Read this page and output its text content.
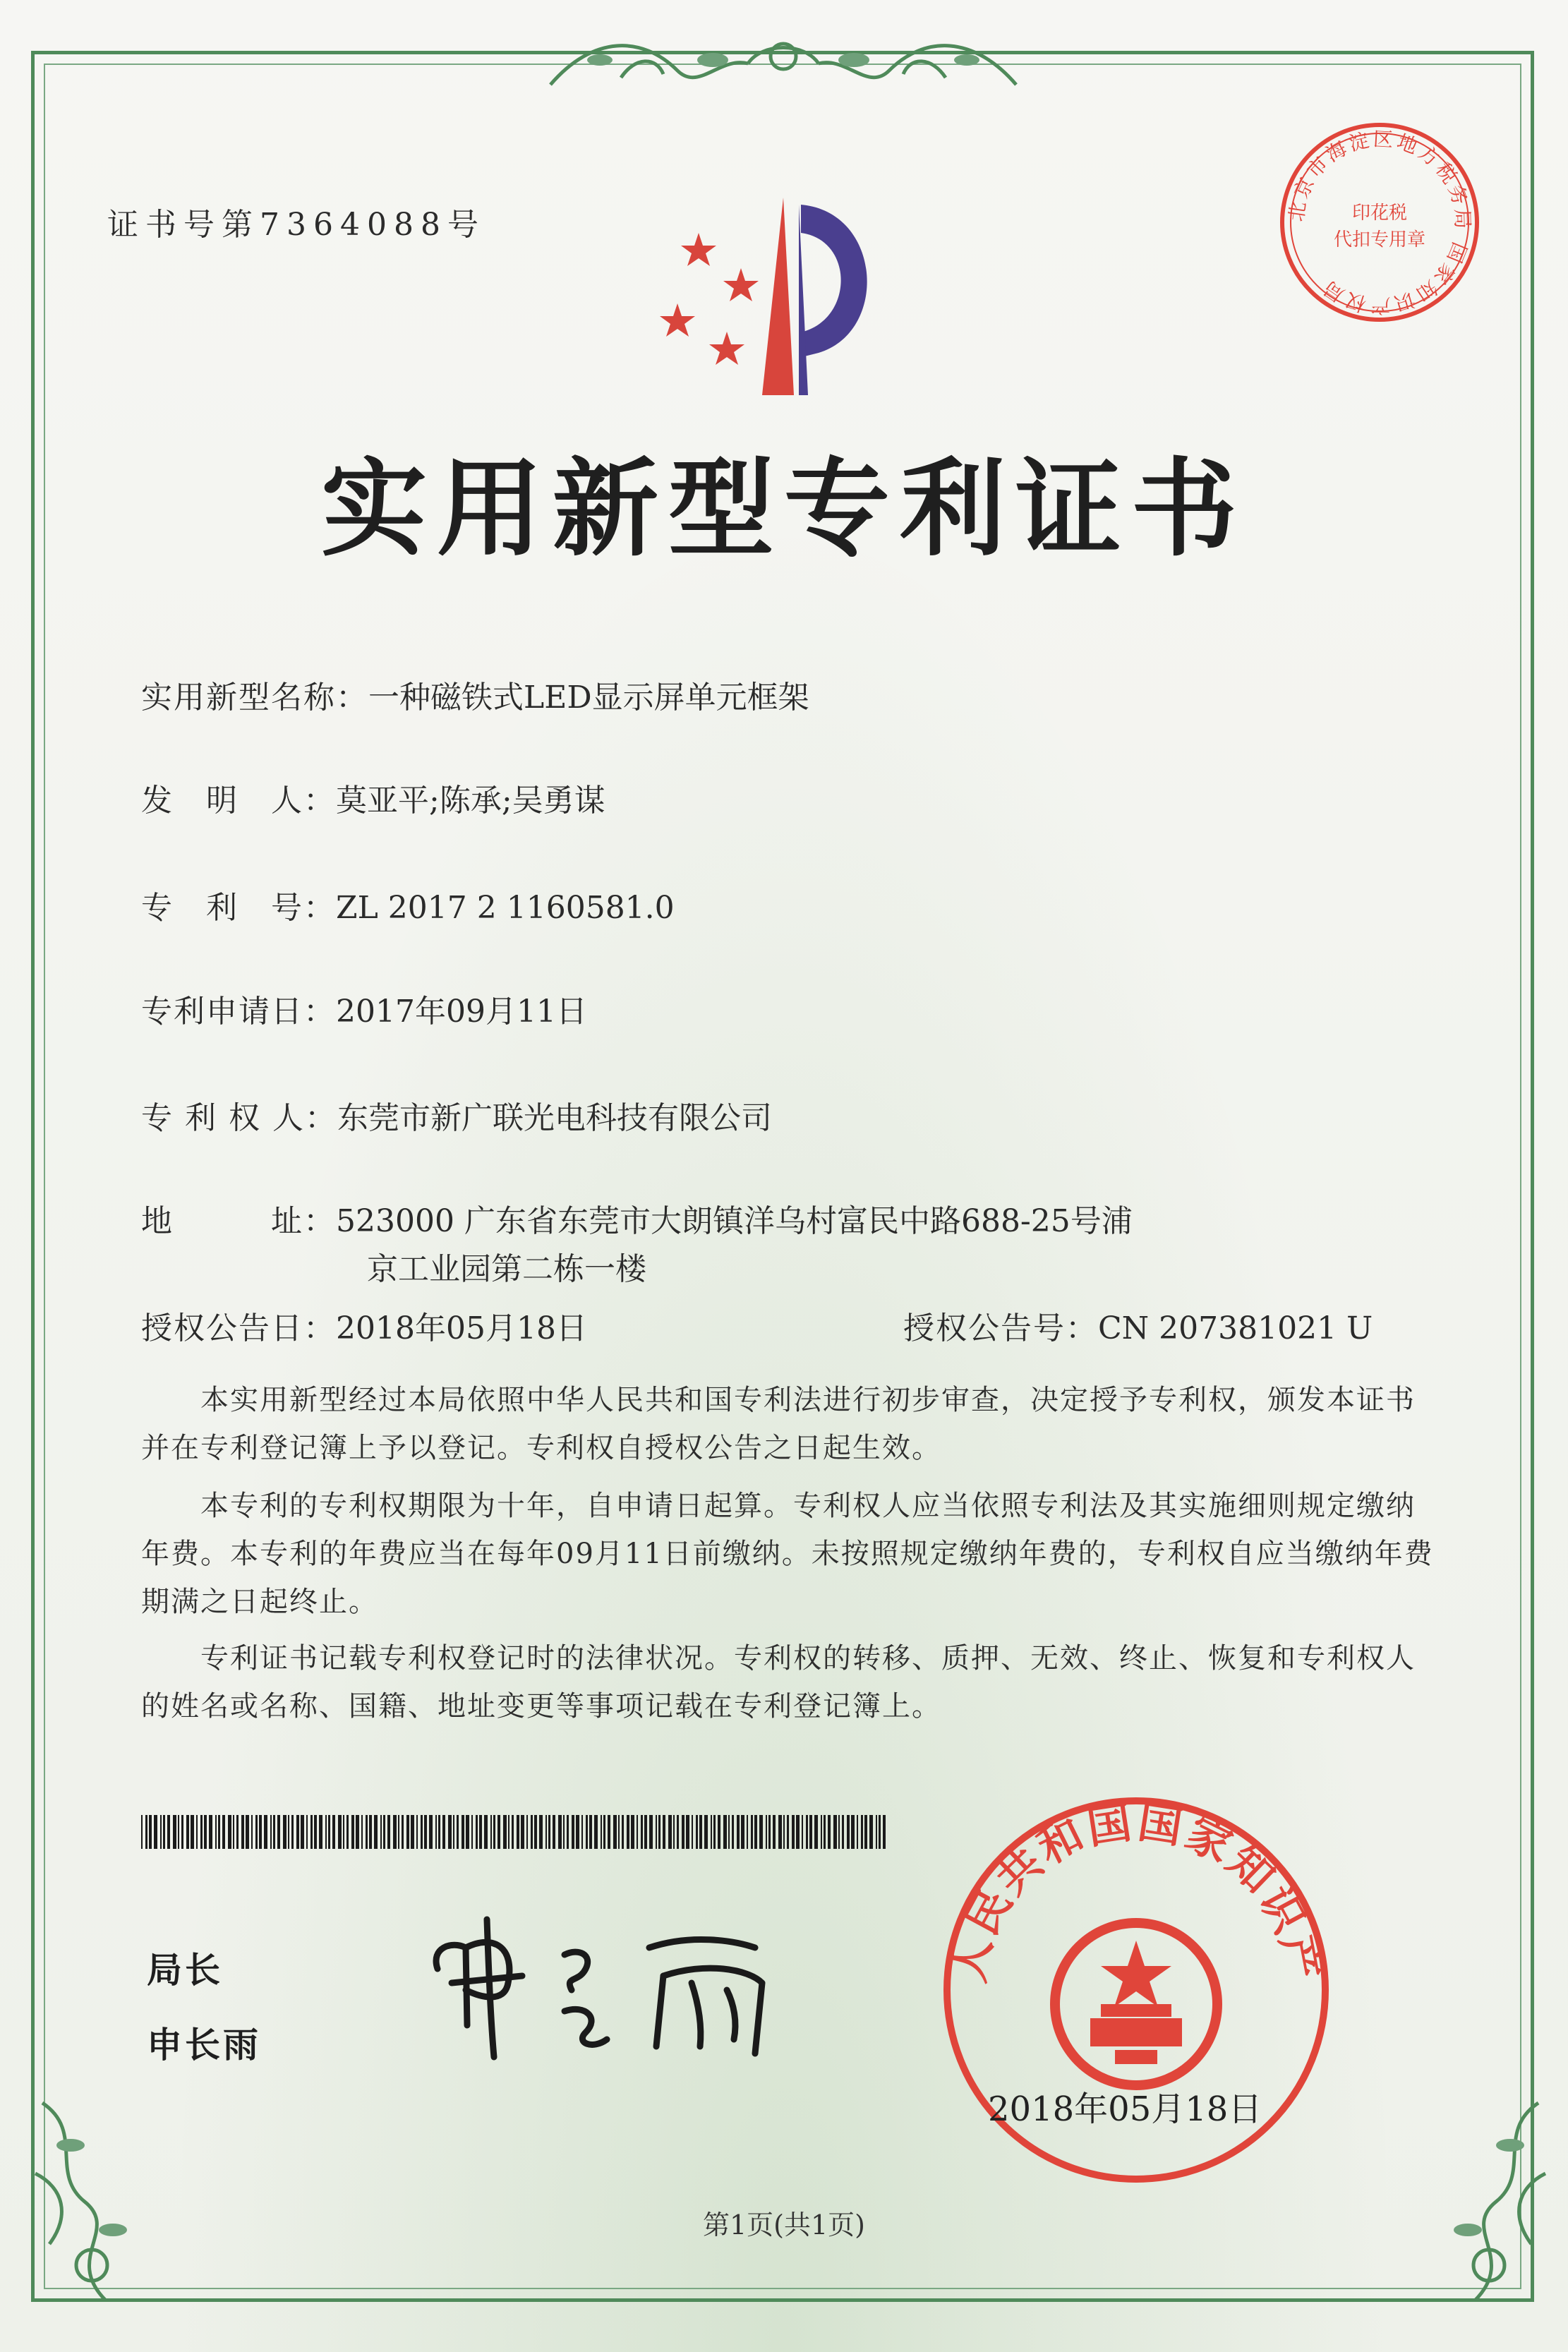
证书号第7364088号	北京市海淀区地方税务局 国家知识产权局
印花税
代扣专用章
实用新型专利证书
实用新型名称：一种磁铁式LED显示屏单元框架
发　明　人：莫亚平;陈承;吴勇谋
专　利　号：ZL 2017 2 1160581.0
专利申请日：2017年09月11日
专 利 权 人：东莞市新广联光电科技有限公司
地　　　址：523000 广东省东莞市大朗镇洋乌村富民中路688-25号浦
京工业园第二栋一楼
授权公告日：2018年05月18日	授权公告号：CN 207381021 U
　　本实用新型经过本局依照中华人民共和国专利法进行初步审查，决定授予专利权，颁发本证书并在专利登记簿上予以登记。专利权自授权公告之日起生效。
　　本专利的专利权期限为十年，自申请日起算。专利权人应当依照专利法及其实施细则规定缴纳年费。本专利的年费应当在每年09月11日前缴纳。未按照规定缴纳年费的，专利权自应当缴纳年费期满之日起终止。
　　专利证书记载专利权登记时的法律状况。专利权的转移、质押、无效、终止、恢复和专利权人的姓名或名称、国籍、地址变更等事项记载在专利登记簿上。
局长
申长雨
人民共和国国家知识产
2018年05月18日
第1页(共1页)
